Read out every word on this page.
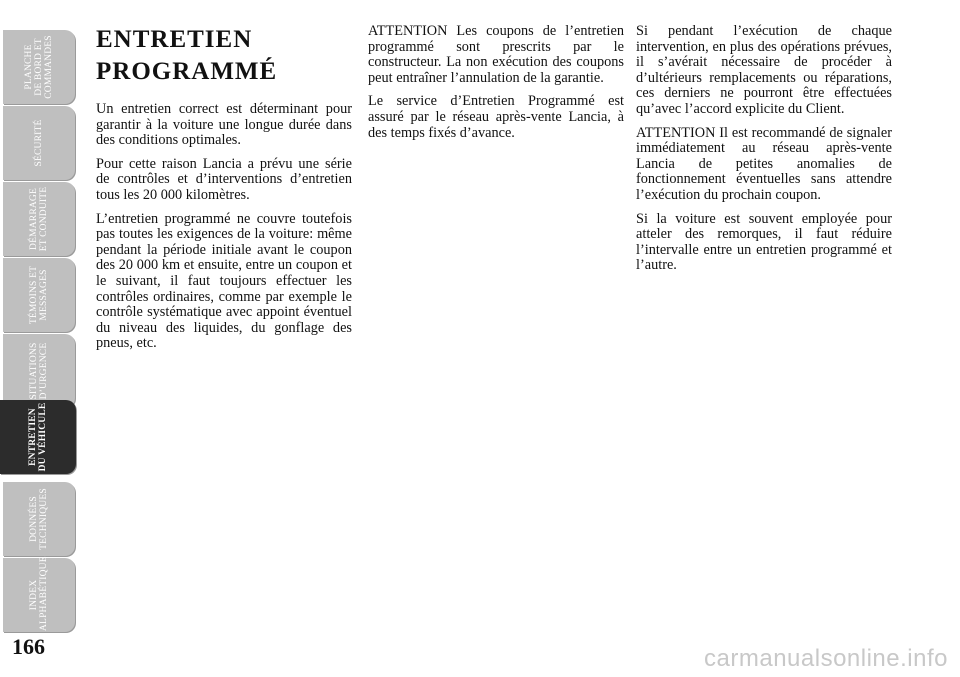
PLANCHE
DE BORD ET
COMMANDES
SÉCURITÉ
DÉMARRAGE
ET CONDUITE
TÉMOINS ET
MESSAGES
SITUATIONS
D’URGENCE
ENTRETIEN
DU VÉHICULE
DONNÉES
TECHNIQUES
INDEX
ALPHABÉTIQUE
166
ENTRETIEN
PROGRAMMÉ

Un entretien correct est déterminant pour garantir à la voiture une longue durée dans des conditions optimales.

Pour cette raison Lancia a prévu une série de contrôles et d’interventions d’entretien tous les 20 000 kilomètres.

L’entretien programmé ne couvre toutefois pas toutes les exigences de la voiture: même pendant la période initiale avant le coupon des 20 000 km et ensuite, entre un coupon et le suivant, il faut toujours effectuer les contrôles ordinaires, comme par exemple le contrôle systématique avec appoint éventuel du niveau des liquides, du gonflage des pneus, etc.

ATTENTION Les coupons de l’entretien programmé sont prescrits par le constructeur. La non exécution des coupons peut entraîner l’annulation de la garantie.

Le service d’Entretien Programmé est assuré par le réseau après-vente Lancia, à des temps fixés d’avance.

Si pendant l’exécution de chaque intervention, en plus des opérations prévues, il s’avérait nécessaire de procéder à d’ultérieurs remplacements ou réparations, ces derniers ne pourront être effectuées qu’avec l’accord explicite du Client.

ATTENTION Il est recommandé de signaler immédiatement au réseau après-vente Lancia de petites anomalies de fonctionnement éventuelles sans attendre l’exécution du prochain coupon.

Si la voiture est souvent employée pour atteler des remorques, il faut réduire l’intervalle entre un entretien programmé et l’autre.

carmanualsonline.info
